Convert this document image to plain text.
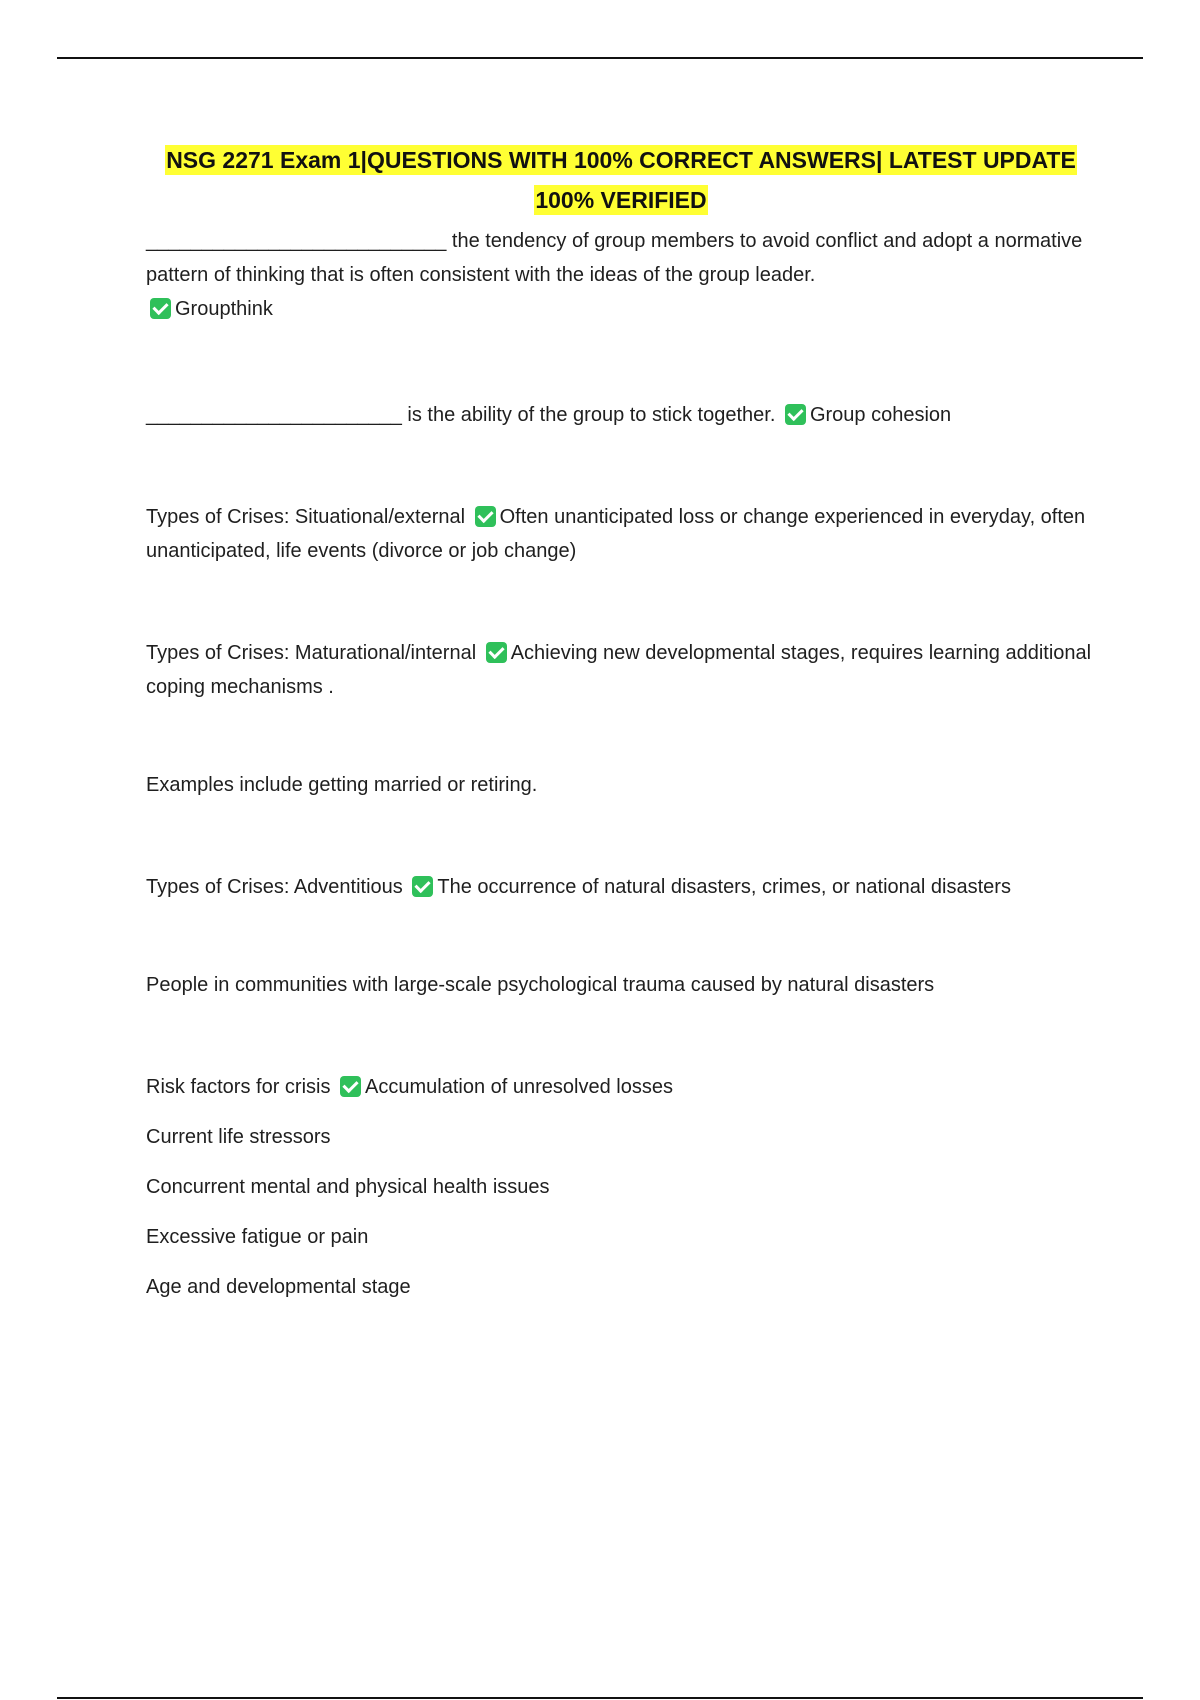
NSG 2271 Exam 1|QUESTIONS WITH 100% CORRECT ANSWERS| LATEST UPDATE
100% VERIFIED

___________________________ the tendency of group members to avoid conflict and adopt a normative pattern of thinking that is often consistent with the ideas of the group leader.
Groupthink

_______________________ is the ability of the group to stick together. Group cohesion

Types of Crises: Situational/external Often unanticipated loss or change experienced in everyday, often unanticipated, life events (divorce or job change)

Types of Crises: Maturational/internal Achieving new developmental stages, requires learning additional coping mechanisms .

Examples include getting married or retiring.

Types of Crises: Adventitious The occurrence of natural disasters, crimes, or national disasters

People in communities with large-scale psychological trauma caused by natural disasters

Risk factors for crisis Accumulation of unresolved losses

Current life stressors
Concurrent mental and physical health issues
Excessive fatigue or pain
Age and developmental stage
